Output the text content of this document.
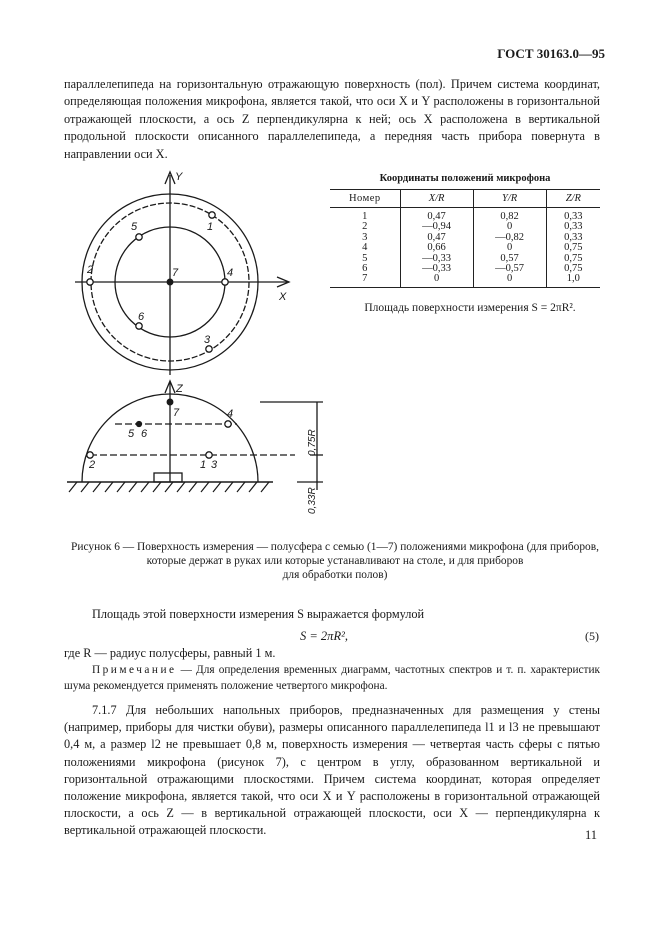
ГОСТ 30163.0—95
параллелепипеда на горизонтальную отражающую поверхность (пол). Причем система координат, определяющая положения микрофона, является такой, что оси X и Y расположены в горизонтальной отражающей плоскости, а ось Z перпендикулярна к ней; ось X расположена в вертикальной продольной плоскости описанного параллелепипеда, а передняя часть прибора повернута в направлении оси X.
Y
X
Z
1
2
3
4
5
6
7
7	4
5 6
2	1 3
0,75R
0,33R
Координаты положений микрофона
Номер	X/R	Y/R	Z/R
1	0,47	0,82	0,33
2	—0,94	0	0,33
3	0,47	—0,82	0,33
4	0,66	0	0,75
5	—0,33	0,57	0,75
6	—0,33	—0,57	0,75
7	0	0	1,0
Площадь поверхности измерения S = 2πR².
Рисунок 6 — Поверхность измерения — полусфера с семью (1—7) положениями микрофона (для приборов,
которые держат в руках или которые устанавливают на столе, и для приборов
для обработки полов)
Площадь этой поверхности измерения S выражается формулой
S = 2πR²,	(5)
где R — радиус полусферы, равный 1 м.
Примечание — Для определения временных диаграмм, частотных спектров и т. п. характеристик шума рекомендуется применять положение четвертого микрофона.
7.1.7 Для небольших напольных приборов, предназначенных для размещения у стены (например, приборы для чистки обуви), размеры описанного параллелепипеда l1 и l3 не превышают 0,4 м, а размер l2 не превышает 0,8 м, поверхность измерения — четвертая часть сферы с пятью положениями микрофона (рисунок 7), с центром в углу, образованном вертикальной и горизонтальной отражающими плоскостями. Причем система координат, которая определяет положение микрофона, является такой, что оси X и Y расположены в горизонтальной отражающей плоскости, а ось Z — в вертикальной отражающей плоскости, оси X — перпендикулярна к вертикальной отражающей плоскости.	11
